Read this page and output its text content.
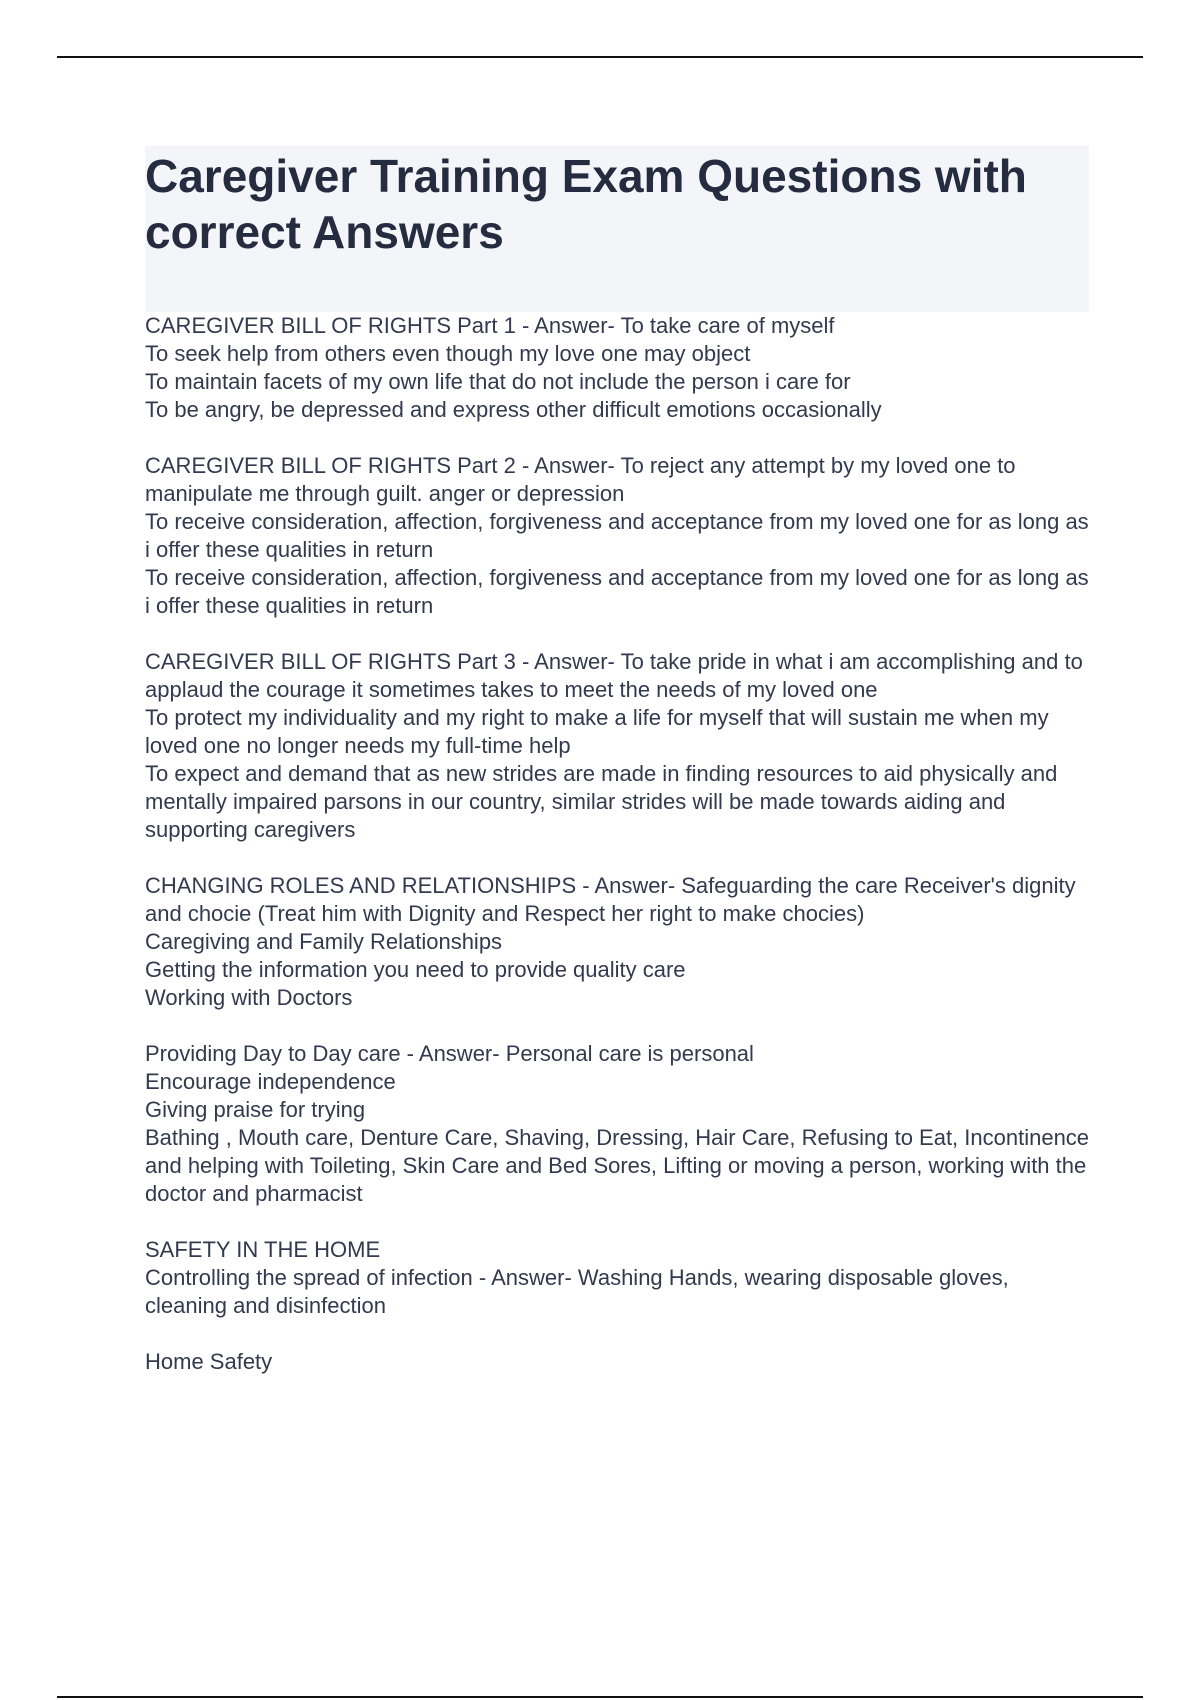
Caregiver Training Exam Questions with correct Answers
CAREGIVER BILL OF RIGHTS Part 1 - Answer- To take care of myself
To seek help from others even though my love one may object
To maintain facets of my own life that do not include the person i care for
To be angry, be depressed and express other difficult emotions occasionally
CAREGIVER BILL OF RIGHTS Part 2 - Answer- To reject any attempt by my loved one to manipulate me through guilt. anger or depression
To receive consideration, affection, forgiveness and acceptance from my loved one for as long as i offer these qualities in return
To receive consideration, affection, forgiveness and acceptance from my loved one for as long as i offer these qualities in return
CAREGIVER BILL OF RIGHTS Part 3 - Answer- To take pride in what i am accomplishing and to applaud the courage it sometimes takes to meet the needs of my loved one
To protect my individuality and my right to make a life for myself that will sustain me when my loved one no longer needs my full-time help
To expect and demand that as new strides are made in finding resources to aid physically and mentally impaired parsons in our country, similar strides will be made towards aiding and supporting caregivers
CHANGING ROLES AND RELATIONSHIPS - Answer- Safeguarding the care Receiver's dignity and chocie (Treat him with Dignity and Respect her right to make chocies)
Caregiving and Family Relationships
Getting the information you need to provide quality care
Working with Doctors
Providing Day to Day care - Answer- Personal care is personal
Encourage independence
Giving praise for trying
Bathing , Mouth care, Denture Care, Shaving, Dressing, Hair Care, Refusing to Eat, Incontinence and helping with Toileting, Skin Care and Bed Sores, Lifting or moving a person, working with the doctor and pharmacist
SAFETY IN THE HOME
Controlling the spread of infection - Answer- Washing Hands, wearing disposable gloves, cleaning and disinfection
Home Safety
